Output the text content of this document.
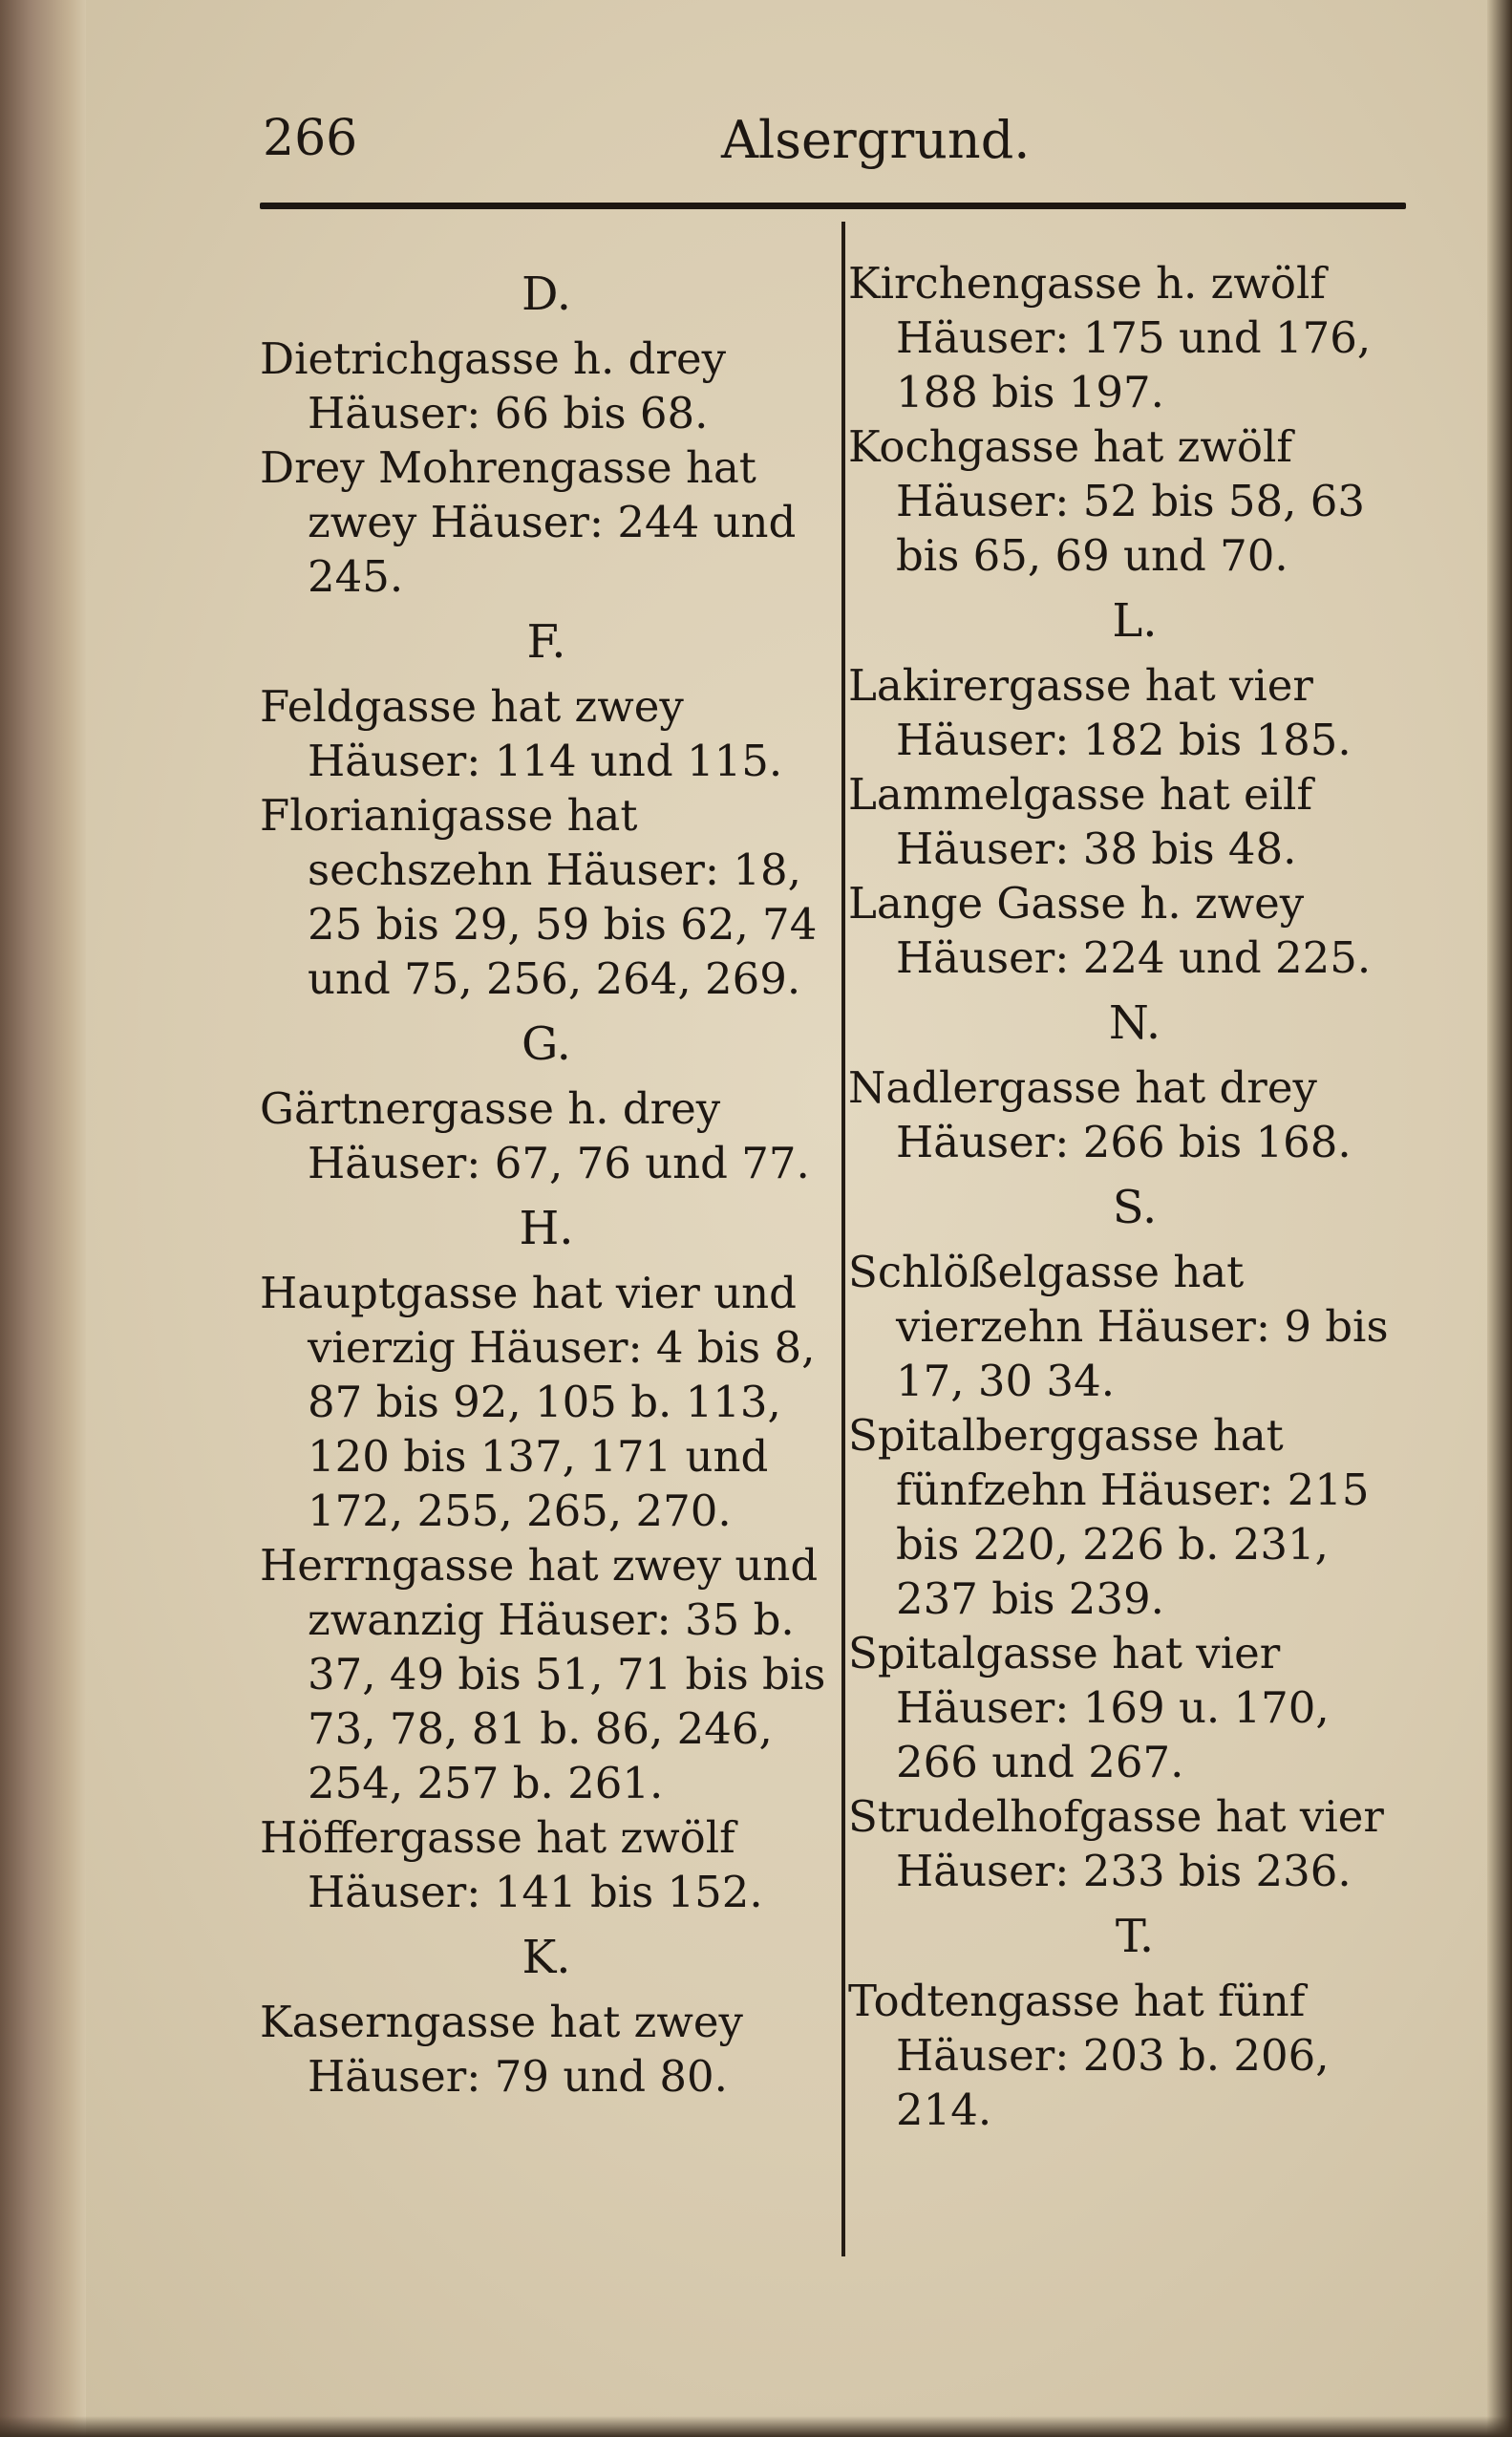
266	Alsergrund.
D.

Dietrichgasse h. drey Häuser: 66 bis 68.

Drey Mohrengasse hat zwey Häuser: 244 und 245.

F.

Feldgasse hat zwey Häuser: 114 und 115.

Florianigasse hat sechszehn Häuser: 18, 25 bis 29, 59 bis 62, 74 und 75, 256, 264, 269.

G.

Gärtnergasse h. drey Häuser: 67, 76 und 77.

H.

Hauptgasse hat vier und vierzig Häuser: 4 bis 8, 87 bis 92, 105 b. 113, 120 bis 137, 171 und 172, 255, 265, 270.

Herrngasse hat zwey und zwanzig Häuser: 35 b. 37, 49 bis 51, 71 bis bis 73, 78, 81 b. 86, 246, 254, 257 b. 261.

Höffergasse hat zwölf Häuser: 141 bis 152.

K.

Kaserngasse hat zwey Häuser: 79 und 80.

Kirchengasse h. zwölf Häuser: 175 und 176, 188 bis 197.

Kochgasse hat zwölf Häuser: 52 bis 58, 63 bis 65, 69 und 70.

L.

Lakirergasse hat vier Häuser: 182 bis 185.

Lammelgasse hat eilf Häuser: 38 bis 48.

Lange Gasse h. zwey Häuser: 224 und 225.

N.

Nadlergasse hat drey Häuser: 266 bis 168.

S.

Schlößelgasse hat vierzehn Häuser: 9 bis 17, 30 34.

Spitalberggasse hat fünfzehn Häuser: 215 bis 220, 226 b. 231, 237 bis 239.

Spitalgasse hat vier Häuser: 169 u. 170, 266 und 267.

Strudelhofgasse hat vier Häuser: 233 bis 236.

T.

Todtengasse hat fünf Häuser: 203 b. 206, 214.
